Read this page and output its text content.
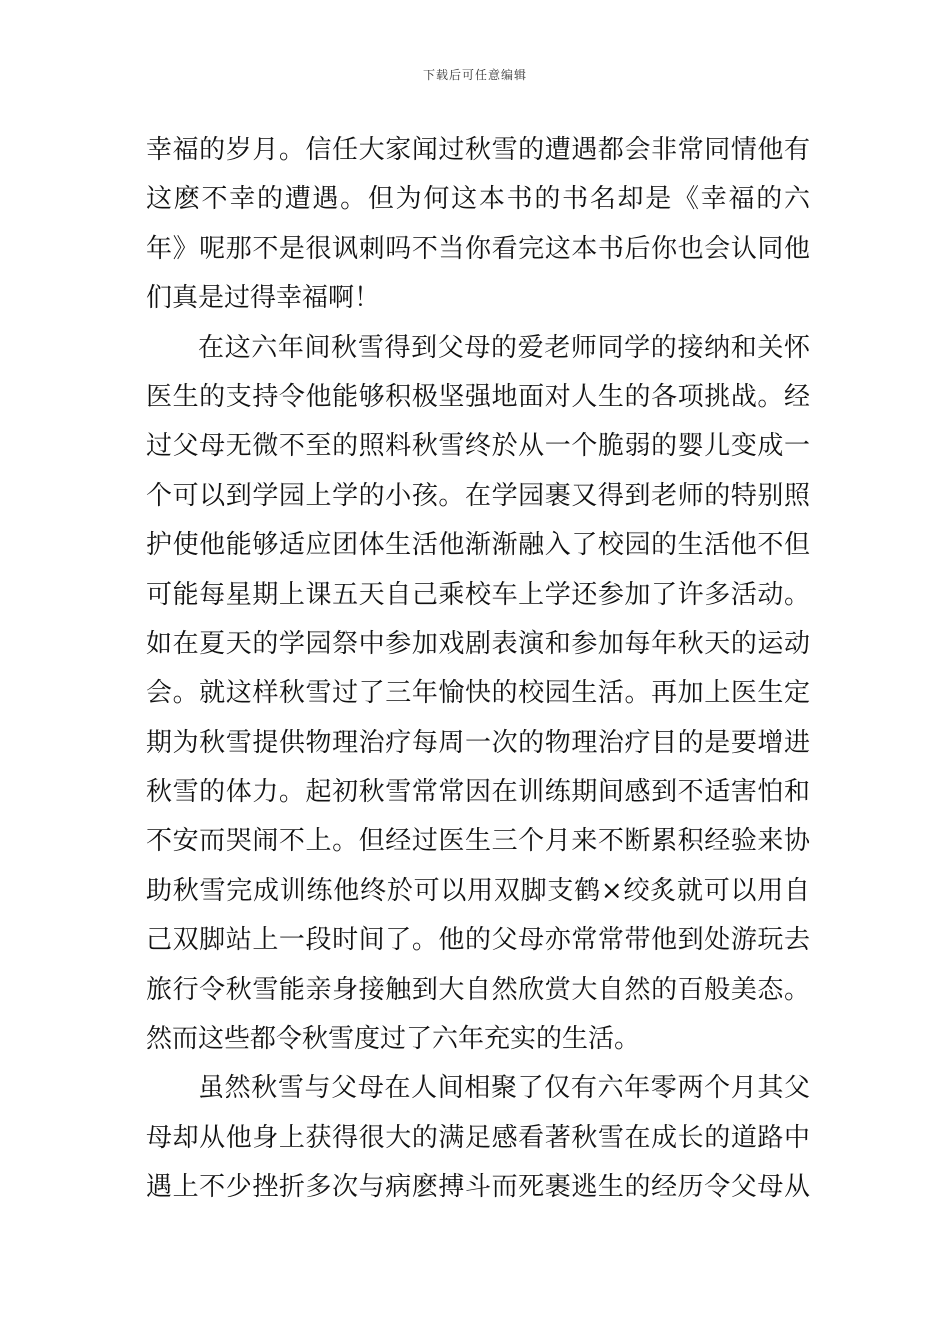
下载后可任意编辑
幸福的岁月。信任大家闻过秋雪的遭遇都会非常同情他有
这麽不幸的遭遇。但为何这本书的书名却是《幸福的六
年》呢那不是很讽刺吗不当你看完这本书后你也会认同他
们真是过得幸福啊！
在这六年间秋雪得到父母的爱老师同学的接纳和关怀
医生的支持令他能够积极坚强地面对人生的各项挑战。经
过父母无微不至的照料秋雪终於从一个脆弱的婴儿变成一
个可以到学园上学的小孩。在学园裹又得到老师的特别照
护使他能够适应团体生活他渐渐融入了校园的生活他不但
可能每星期上课五天自己乘校车上学还参加了许多活动。
如在夏天的学园祭中参加戏剧表演和参加每年秋天的运动
会。就这样秋雪过了三年愉快的校园生活。再加上医生定
期为秋雪提供物理治疗每周一次的物理治疗目的是要增进
秋雪的体力。起初秋雪常常因在训练期间感到不适害怕和
不安而哭闹不上。但经过医生三个月来不断累积经验来协
助秋雪完成训练他终於可以用双脚支鹤×绞炙就可以用自
己双脚站上一段时间了。他的父母亦常常带他到处游玩去
旅行令秋雪能亲身接触到大自然欣赏大自然的百般美态。
然而这些都令秋雪度过了六年充实的生活。
虽然秋雪与父母在人间相聚了仅有六年零两个月其父
母却从他身上获得很大的满足感看著秋雪在成长的道路中
遇上不少挫折多次与病麽搏斗而死裹逃生的经历令父母从
